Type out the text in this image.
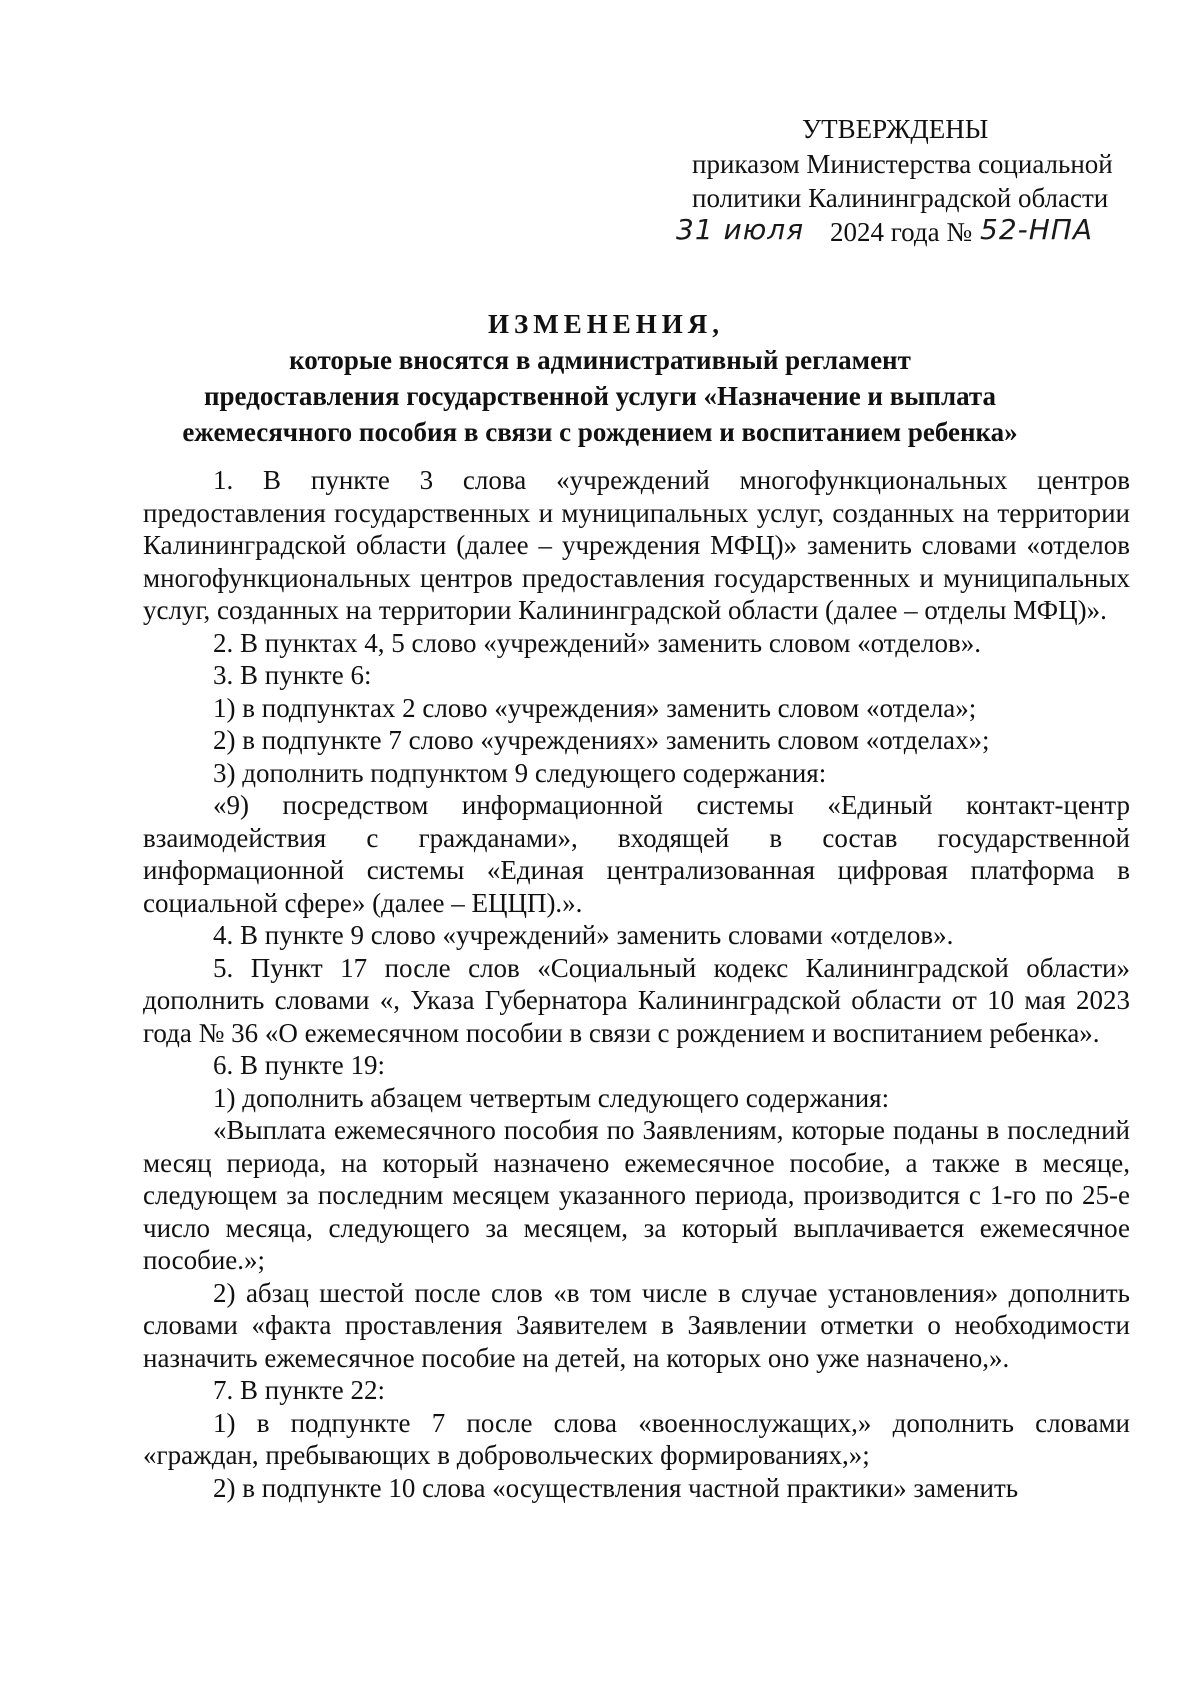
УТВЕРЖДЕНЫ
приказом Министерства социальной
политики Калининградской области
31 июля 2024 года № 52-НПА
ИЗМЕНЕНИЯ,
которые вносятся в административный регламент
предоставления государственной услуги «Назначение и выплата
ежемесячного пособия в связи с рождением и воспитанием ребенка»

1. В пункте 3 слова «учреждений многофункциональных центров предоставления государственных и муниципальных услуг, созданных на территории Калининградской области (далее – учреждения МФЦ)» заменить словами «отделов многофункциональных центров предоставления государственных и муниципальных услуг, созданных на территории Калининградской области (далее – отделы МФЦ)».

2. В пунктах 4, 5 слово «учреждений» заменить словом «отделов».

3. В пункте 6:

1) в подпунктах 2 слово «учреждения» заменить словом «отдела»;

2) в подпункте 7 слово «учреждениях» заменить словом «отделах»;

3) дополнить подпунктом 9 следующего содержания:

«9) посредством информационной системы «Единый контакт-центр взаимодействия с гражданами», входящей в состав государственной информационной системы «Единая централизованная цифровая платформа в социальной сфере» (далее – ЕЦЦП).».

4. В пункте 9 слово «учреждений» заменить словами «отделов».

5. Пункт 17 после слов «Социальный кодекс Калининградской области» дополнить словами «, Указа Губернатора Калининградской области от 10 мая 2023 года № 36 «О ежемесячном пособии в связи с рождением и воспитанием ребенка».

6. В пункте 19:

1) дополнить абзацем четвертым следующего содержания:

«Выплата ежемесячного пособия по Заявлениям, которые поданы в последний месяц периода, на который назначено ежемесячное пособие, а также в месяце, следующем за последним месяцем указанного периода, производится с 1-го по 25-е число месяца, следующего за месяцем, за который выплачивается ежемесячное пособие.»;

2) абзац шестой после слов «в том числе в случае установления» дополнить словами «факта проставления Заявителем в Заявлении отметки о необходимости назначить ежемесячное пособие на детей, на которых оно уже назначено,».

7. В пункте 22:

1) в подпункте 7 после слова «военнослужащих,» дополнить словами «граждан, пребывающих в добровольческих формированиях,»;

2) в подпункте 10 слова «осуществления частной практики» заменить
